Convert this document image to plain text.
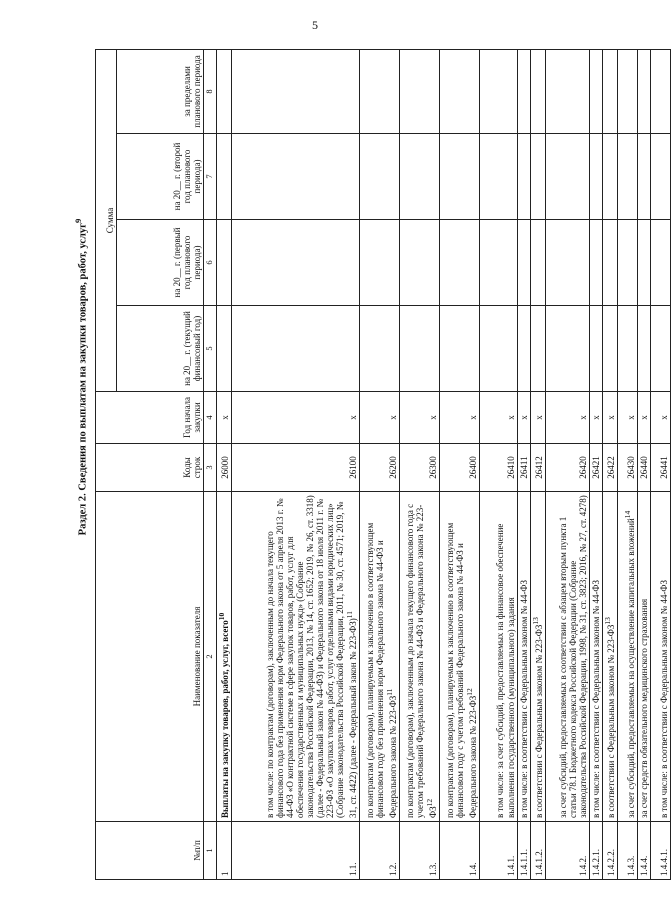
5
Раздел 2. Сведения по выплатам на закупки товаров, работ, услуг$^9$
№п/п	Наименование показателя	Коды строк	Год начала закупки	Сумма			
				на 20__ г. (текущий финансовый год)	на 20__ г. (первый год планового периода)	на 20__ г. (второй год планового периода)	за пределами планового периода
1	2	3	4	5	6	7	8
1	Выплаты на закупку товаров, работ, услуг, всего$^{10}$	26000	x				
1.1.	в том числе: по контрактам (договорам), заключенным до начала текущего финансового года без применения норм Федерального закона от 5 апреля 2013 г. № 44-ФЗ «О контрактной системе в сфере закупок товаров, работ, услуг для обеспечения государственных и муниципальных нужд» (Собрание законодательства Российской Федерации, 2013, № 14, ст. 1652; 2019, № 26, ст. 3318) (далее - Федеральный закон № 44-ФЗ) и Федерального закона от 18 июля 2011 г. № 223-ФЗ «О закупках товаров, работ, услуг отдельными видами юридических лиц» (Собрание законодательства Российской Федерации, 2011, № 30, ст. 4571; 2019, № 31, ст. 4422) (далее - Федеральный закон № 223-ФЗ)$^{11}$	26100	x				
1.2.	по контрактам (договорам), планируемым к заключению в соответствующем финансовом году без применения норм Федерального закона № 44-ФЗ и Федерального закона № 223-ФЗ$^{11}$	26200	x				
1.3.	по контрактам (договорам), заключенным до начала текущего финансового года с учетом требований Федерального закона № 44-ФЗ и Федерального закона № 223-ФЗ$^{12}$	26300	x				
1.4.	по контрактам (договорам), планируемым к заключению в соответствующем финансовом году с учетом требований Федерального закона № 44-ФЗ и Федерального закона № 223-ФЗ$^{12}$	26400	x				
1.4.1.	в том числе: за счет субсидий, предоставляемых на финансовое обеспечение выполнения государственного (муниципального) задания	26410	x				
1.4.1.1.	в том числе: в соответствии с Федеральным законом № 44-ФЗ	26411	x				
1.4.1.2.	в соответствии с Федеральным законом № 223-ФЗ$^{13}$	26412	x				
1.4.2.	за счет субсидий, предоставляемых в соответствии с абзацем вторым пункта 1 статьи 78.1 Бюджетного кодекса Российской Федерации (Собрание законодательства Российской Федерации, 1998, № 31, ст. 3823; 2016, № 27, ст. 4278)	26420	x				
1.4.2.1.	в том числе: в соответствии с Федеральным законом № 44-ФЗ	26421	x				
1.4.2.2.	в соответствии с Федеральным законом № 223-ФЗ$^{13}$	26422	x				
1.4.3.	за счет субсидий, предоставляемых на осуществление капитальных вложений$^{14}$	26430	x				
1.4.4.	за счет средств обязательного медицинского страхования	26440	x				
1.4.4.1.	в том числе: в соответствии с Федеральным законом № 44-ФЗ	26441	x				
